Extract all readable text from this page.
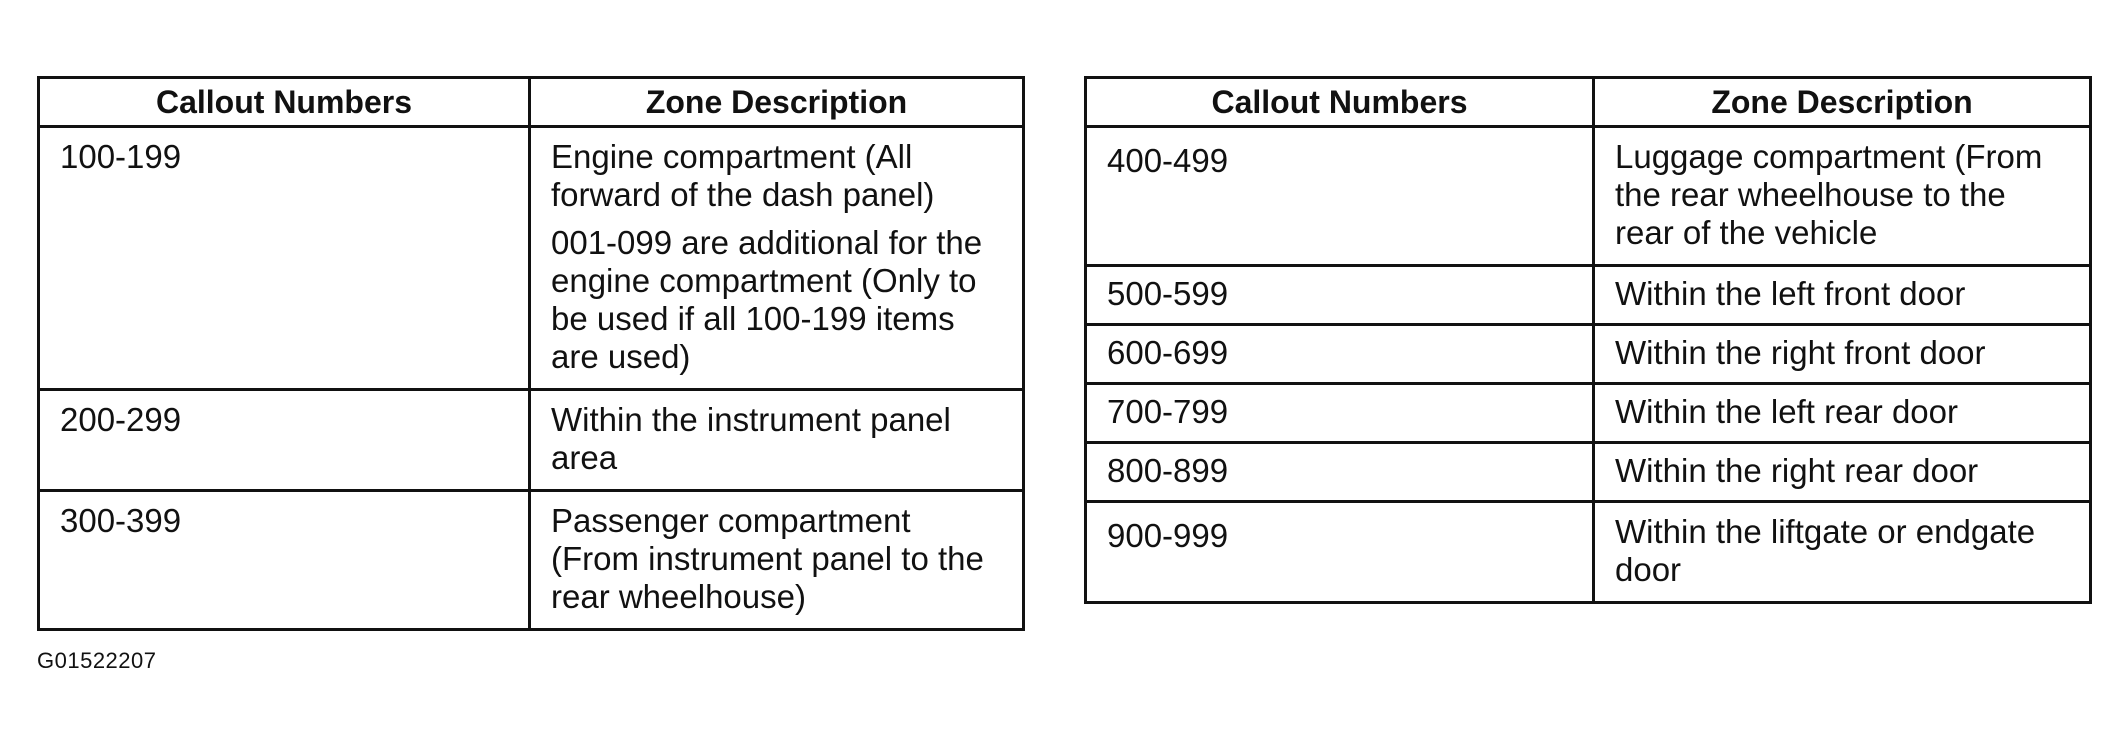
Callout Numbers	Zone Description
100-199	Engine compartment (All forward of the dash panel)
001-099 are additional for the engine compartment (Only to be used if all 100-199 items are used)

200-299	Within the instrument panel area

300-399	Passenger compartment (From instrument panel to the rear wheelhouse)
Callout Numbers	Zone Description
400-499	Luggage compartment (From the rear wheelhouse to the rear of the vehicle

500-599	Within the left front door

600-699	Within the right front door

700-799	Within the left rear door

800-899	Within the right rear door

900-999	Within the liftgate or endgate door
G01522207
